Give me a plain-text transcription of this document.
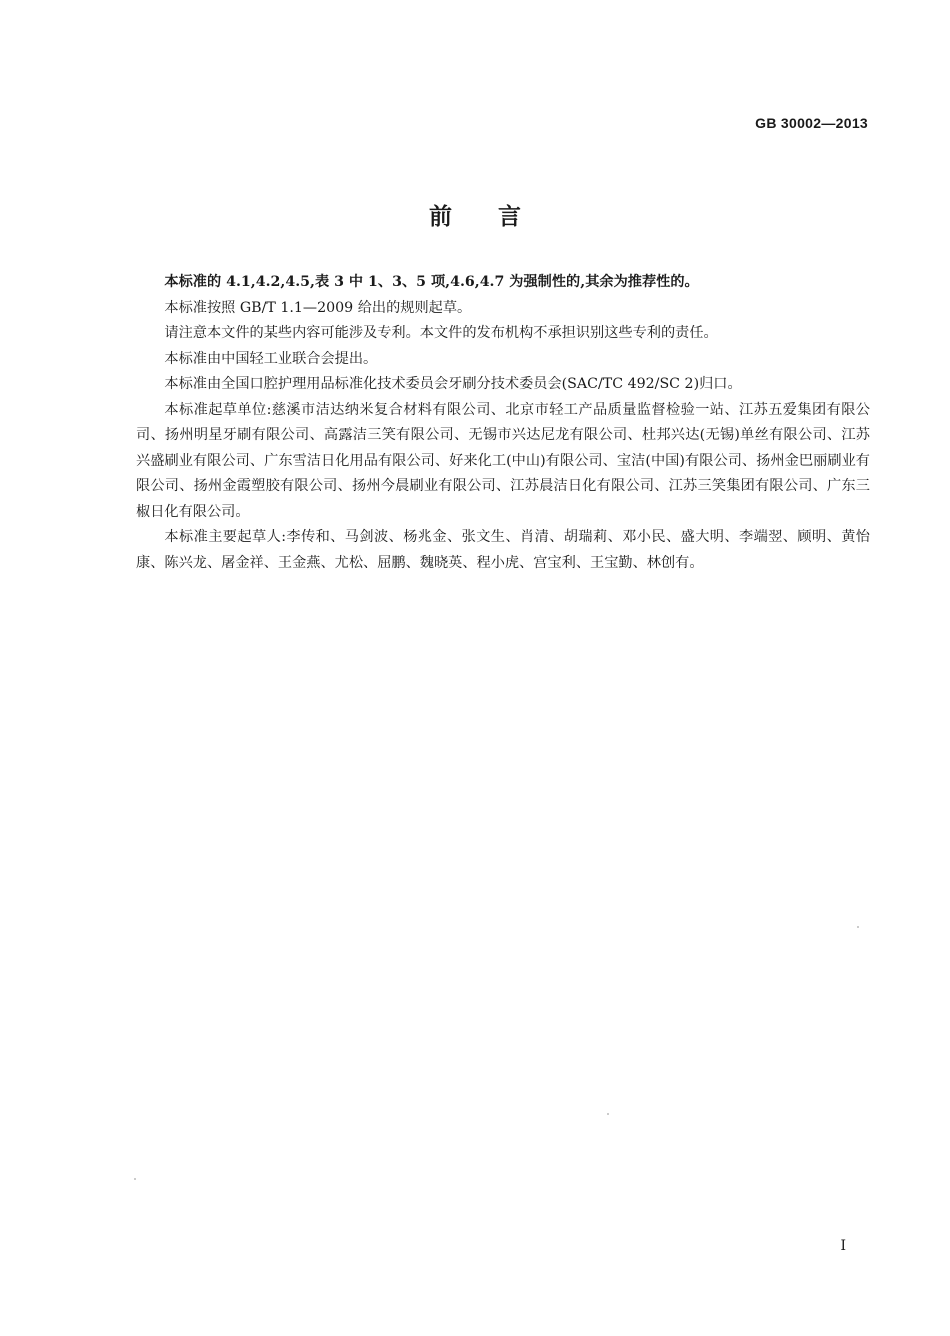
GB 30002—2013
前言

本标准的 4.1,4.2,4.5,表 3 中 1、3、5 项,4.6,4.7 为强制性的,其余为推荐性的。

本标准按照 GB/T 1.1—2009 给出的规则起草。

请注意本文件的某些内容可能涉及专利。本文件的发布机构不承担识别这些专利的责任。

本标准由中国轻工业联合会提出。

本标准由全国口腔护理用品标准化技术委员会牙刷分技术委员会(SAC/TC 492/SC 2)归口。

本标准起草单位:慈溪市洁达纳米复合材料有限公司、北京市轻工产品质量监督检验一站、江苏五爱集团有限公司、扬州明星牙刷有限公司、高露洁三笑有限公司、无锡市兴达尼龙有限公司、杜邦兴达(无锡)单丝有限公司、江苏兴盛刷业有限公司、广东雪洁日化用品有限公司、好来化工(中山)有限公司、宝洁(中国)有限公司、扬州金巴丽刷业有限公司、扬州金霞塑胶有限公司、扬州今晨刷业有限公司、江苏晨洁日化有限公司、江苏三笑集团有限公司、广东三椒日化有限公司。

本标准主要起草人:李传和、马剑波、杨兆金、张文生、肖清、胡瑞莉、邓小民、盛大明、李端翌、顾明、黄怡康、陈兴龙、屠金祥、王金燕、尤松、屈鹏、魏晓英、程小虎、宫宝利、王宝勤、林创有。

I
